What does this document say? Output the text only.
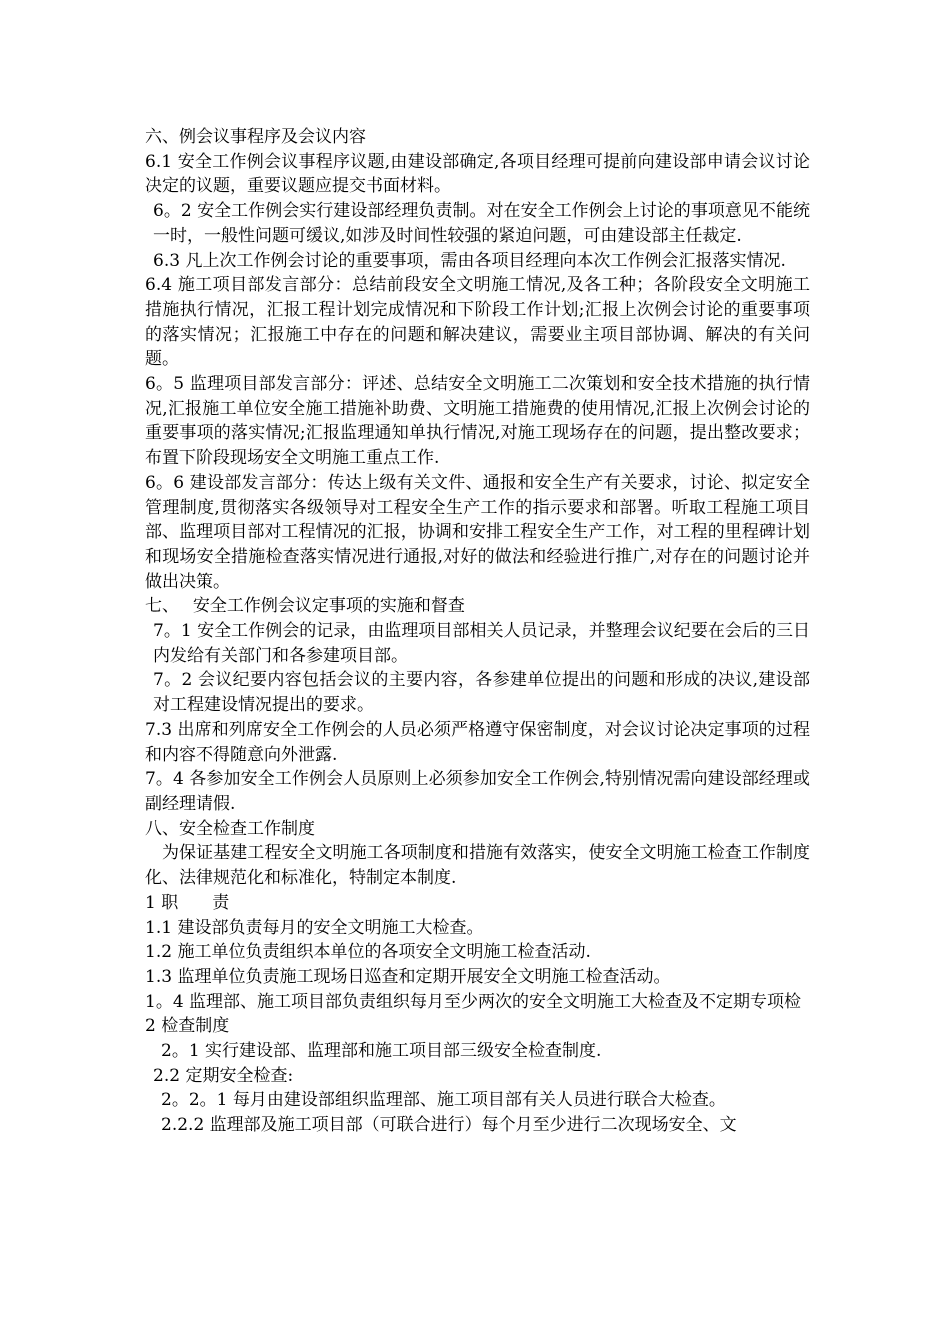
六、例会议事程序及会议内容

6.1 安全工作例会议事程序议题,由建设部确定,各项目经理可提前向建设部申请会议讨论决定的议题，重要议题应提交书面材料。

6。2 安全工作例会实行建设部经理负责制。对在安全工作例会上讨论的事项意见不能统一时，一般性问题可缓议,如涉及时间性较强的紧迫问题，可由建设部主任裁定.

6.3 凡上次工作例会讨论的重要事项，需由各项目经理向本次工作例会汇报落实情况.

6.4 施工项目部发言部分：总结前段安全文明施工情况,及各工种；各阶段安全文明施工措施执行情况，汇报工程计划完成情况和下阶段工作计划;汇报上次例会讨论的重要事项的落实情况；汇报施工中存在的问题和解决建议，需要业主项目部协调、解决的有关问题。

6。5 监理项目部发言部分：评述、总结安全文明施工二次策划和安全技术措施的执行情况,汇报施工单位安全施工措施补助费、文明施工措施费的使用情况,汇报上次例会讨论的重要事项的落实情况;汇报监理通知单执行情况,对施工现场存在的问题，提出整改要求；布置下阶段现场安全文明施工重点工作.

6。6 建设部发言部分：传达上级有关文件、通报和安全生产有关要求，讨论、拟定安全管理制度,贯彻落实各级领导对工程安全生产工作的指示要求和部署。听取工程施工项目部、监理项目部对工程情况的汇报，协调和安排工程安全生产工作，对工程的里程碑计划和现场安全措施检查落实情况进行通报,对好的做法和经验进行推广,对存在的问题讨论并做出决策。

七、　 安全工作例会议定事项的实施和督查

7。1 安全工作例会的记录，由监理项目部相关人员记录，并整理会议纪要在会后的三日内发给有关部门和各参建项目部。

7。2 会议纪要内容包括会议的主要内容，各参建单位提出的问题和形成的决议,建设部对工程建设情况提出的要求。

7.3 出席和列席安全工作例会的人员必须严格遵守保密制度，对会议讨论决定事项的过程和内容不得随意向外泄露.

7。4 各参加安全工作例会人员原则上必须参加安全工作例会,特别情况需向建设部经理或副经理请假.

八、安全检查工作制度

为保证基建工程安全文明施工各项制度和措施有效落实，使安全文明施工检查工作制度化、法律规范化和标准化，特制定本制度.

1 职　　责

1.1 建设部负责每月的安全文明施工大检查。

1.2 施工单位负责组织本单位的各项安全文明施工检查活动.

1.3 监理单位负责施工现场日巡查和定期开展安全文明施工检查活动。

1。4 监理部、施工项目部负责组织每月至少两次的安全文明施工大检查及不定期专项检

2 检查制度

2。1 实行建设部、监理部和施工项目部三级安全检查制度.

2.2 定期安全检查:

2。2。1 每月由建设部组织监理部、施工项目部有关人员进行联合大检查。

2.2.2 监理部及施工项目部（可联合进行）每个月至少进行二次现场安全、文
